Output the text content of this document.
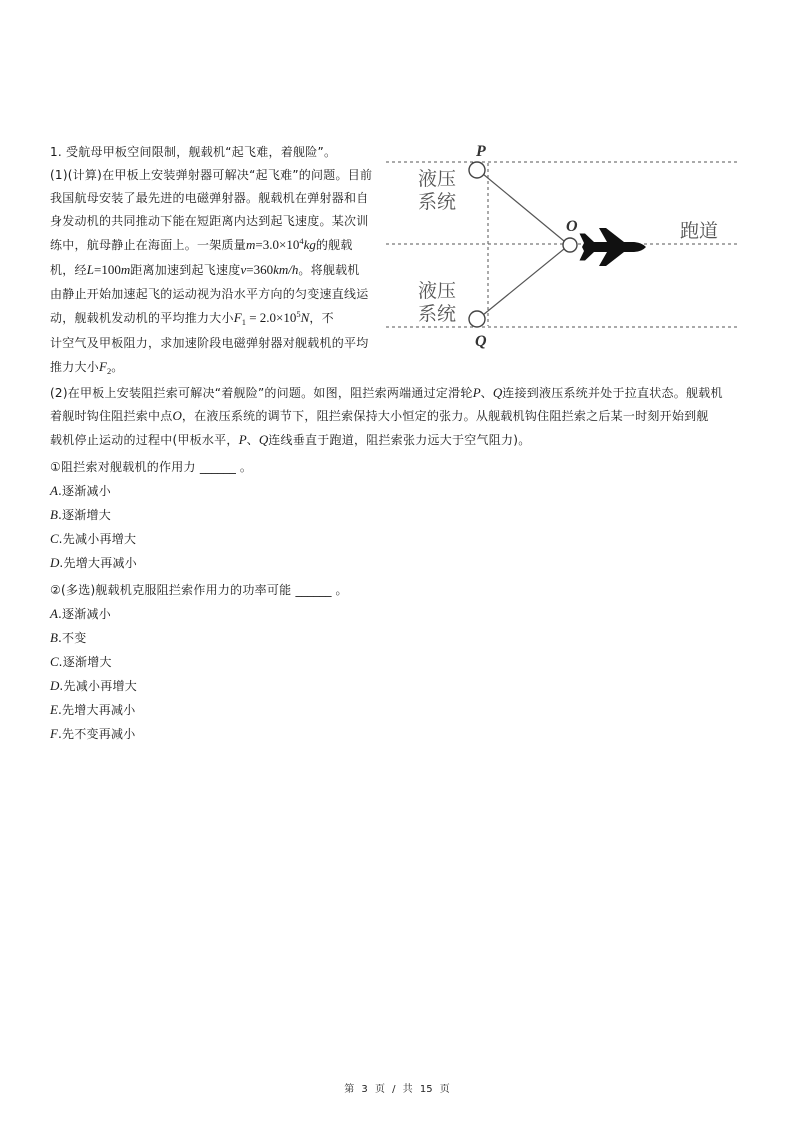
1. 受航母甲板空间限制，舰载机“起飞难，着舰险”。
(1)(计算)在甲板上安装弹射器可解决“起飞难”的问题。目前
我国航母安装了最先进的电磁弹射器。舰载机在弹射器和自
身发动机的共同推动下能在短距离内达到起飞速度。某次训
练中，航母静止在海面上。一架质量$m=3.0\times 10^4kg$的舰载
机，经L=100m距离加速到起飞速度v=360km/h。将舰载机
由静止开始加速起飞的运动视为沿水平方向的匀变速直线运
动，舰载机发动机的平均推力大小$F_1 = 2.0\times 10^5N$，不
计空气及甲板阻力，求加速阶段电磁弹射器对舰载机的平均
推力大小$F_2$。
(2)在甲板上安装阻拦索可解决“着舰险”的问题。如图，阻拦索两端通过定滑轮P、Q连接到液压系统并处于拉直状态。舰载机
着舰时钩住阻拦索中点O，在液压系统的调节下，阻拦索保持大小恒定的张力。从舰载机钩住阻拦索之后某一时刻开始到舰
载机停止运动的过程中(甲板水平，P、Q连线垂直于跑道，阻拦索张力远大于空气阻力)。
①阻拦索对舰载机的作用力 ______ 。
A.逐渐减小
B.逐渐增大
C.先减小再增大
D.先增大再减小
②(多选)舰载机克服阻拦索作用力的功率可能 ______ 。
A.逐渐减小
B.不变
C.逐渐增大
D.先减小再增大
E.先增大再减小
F.先不变再减小
P
O
Q
液压
系统
液压
系统
跑道
第 3 页 / 共 15 页
